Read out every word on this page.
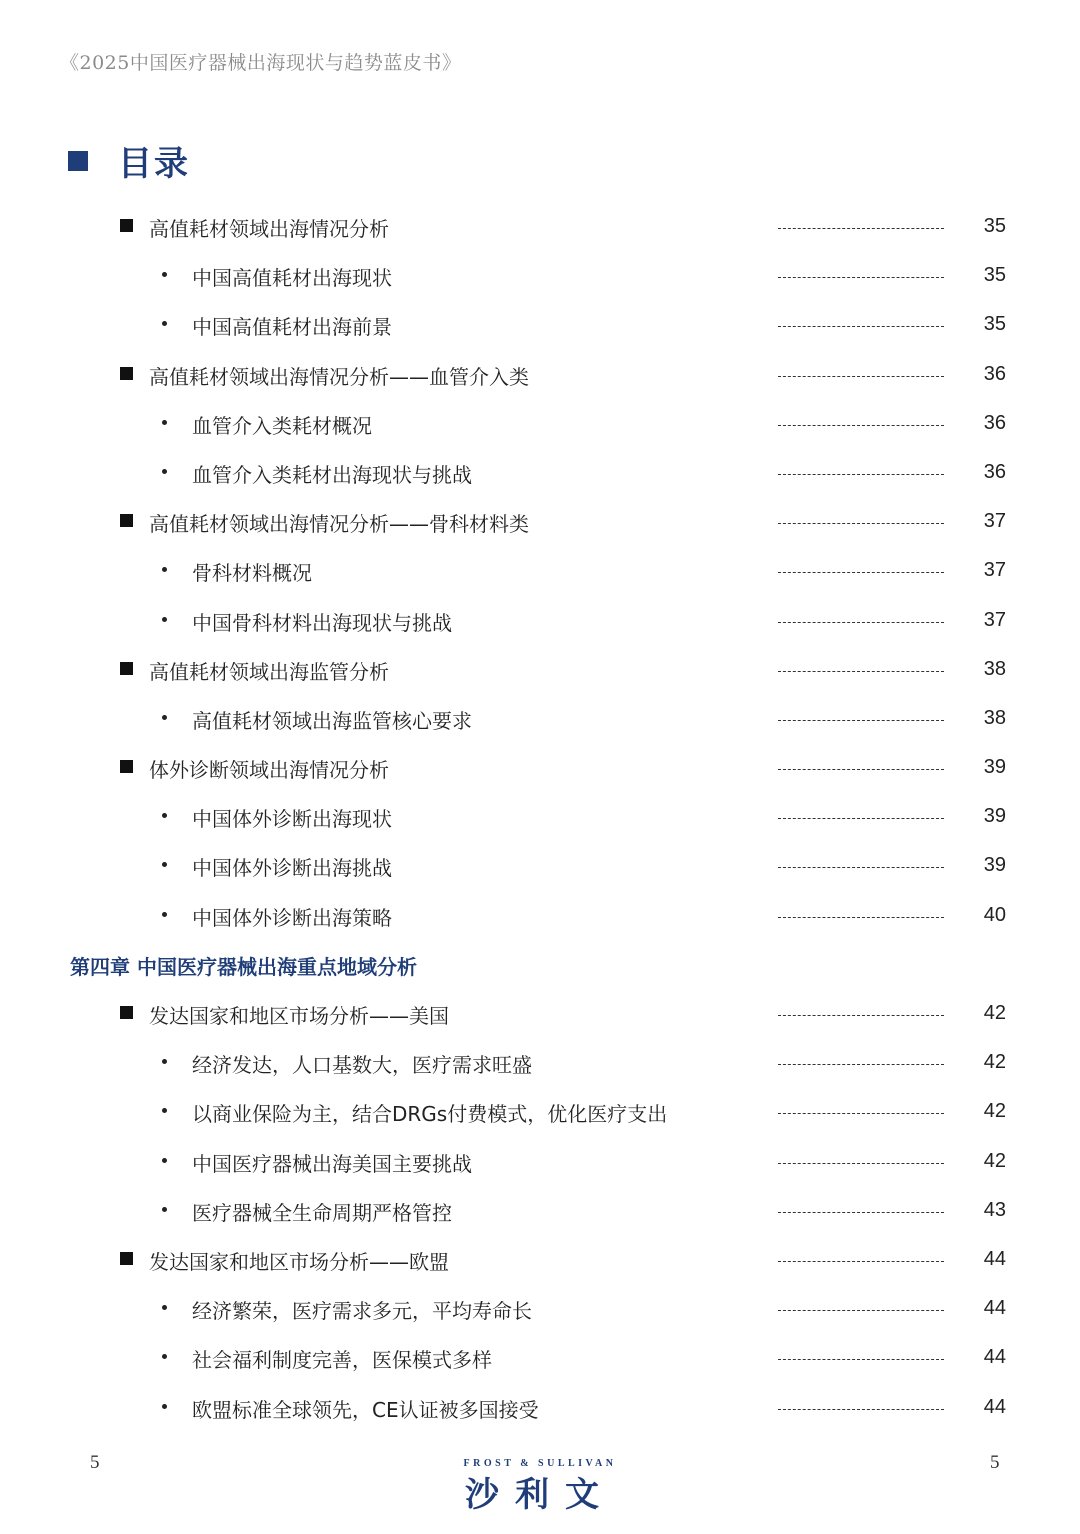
《2025中国医疗器械出海现状与趋势蓝皮书》
目录
高值耗材领域出海情况分析	35
中国高值耗材出海现状	35
中国高值耗材出海前景	35
高值耗材领域出海情况分析——血管介入类	36
血管介入类耗材概况	36
血管介入类耗材出海现状与挑战	36
高值耗材领域出海情况分析——骨科材料类	37
骨科材料概况	37
中国骨科材料出海现状与挑战	37
高值耗材领域出海监管分析	38
高值耗材领域出海监管核心要求	38
体外诊断领域出海情况分析	39
中国体外诊断出海现状	39
中国体外诊断出海挑战	39
中国体外诊断出海策略	40
第四章 中国医疗器械出海重点地域分析
发达国家和地区市场分析——美国	42
经济发达，人口基数大，医疗需求旺盛	42
以商业保险为主，结合DRGs付费模式，优化医疗支出	42
中国医疗器械出海美国主要挑战	42
医疗器械全生命周期严格管控	43
发达国家和地区市场分析——欧盟	44
经济繁荣，医疗需求多元，平均寿命长	44
社会福利制度完善，医保模式多样	44
欧盟标准全球领先，CE认证被多国接受	44
5	FROST & SULLIVAN
沙利文
5
